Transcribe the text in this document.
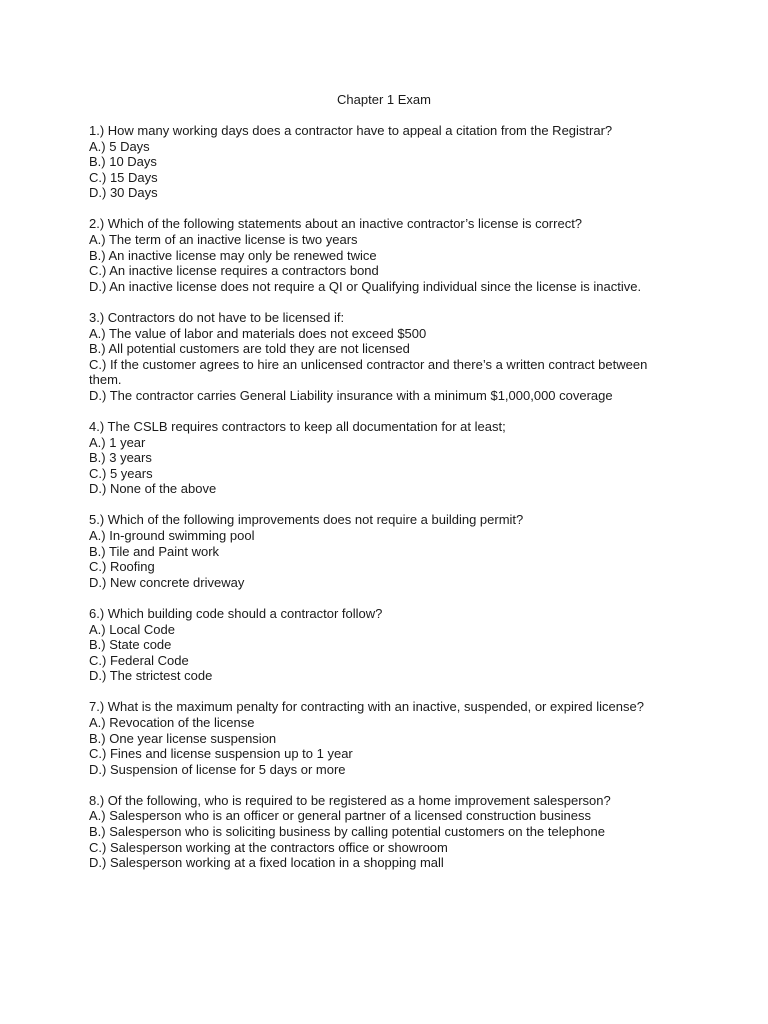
Chapter 1 Exam

1.) How many working days does a contractor have to appeal a citation from the Registrar?

A.) 5 Days

B.) 10 Days

C.) 15 Days

D.) 30 Days

2.) Which of the following statements about an inactive contractor’s license is correct?

A.) The term of an inactive license is two years

B.) An inactive license may only be renewed twice

C.) An inactive license requires a contractors bond

D.) An inactive license does not require a QI or Qualifying individual since the license is inactive.

3.) Contractors do not have to be licensed if:

A.) The value of labor and materials does not exceed $500

B.) All potential customers are told they are not licensed

C.) If the customer agrees to hire an unlicensed contractor and there’s a written contract between them.

D.) The contractor carries General Liability insurance with a minimum $1,000,000 coverage

4.) The CSLB requires contractors to keep all documentation for at least;

A.) 1 year

B.) 3 years

C.) 5 years

D.) None of the above

5.) Which of the following improvements does not require a building permit?

A.) In-ground swimming pool

B.) Tile and Paint work

C.) Roofing

D.) New concrete driveway

6.) Which building code should a contractor follow?

A.) Local Code

B.) State code

C.) Federal Code

D.) The strictest code

7.) What is the maximum penalty for contracting with an inactive, suspended, or expired license?

A.) Revocation of the license

B.) One year license suspension

C.) Fines and license suspension up to 1 year

D.) Suspension of license for 5 days or more

8.) Of the following, who is required to be registered as a home improvement salesperson?

A.) Salesperson who is an officer or general partner of a licensed construction business

B.) Salesperson who is soliciting business by calling potential customers on the telephone

C.) Salesperson working at the contractors office or showroom

D.) Salesperson working at a fixed location in a shopping mall
